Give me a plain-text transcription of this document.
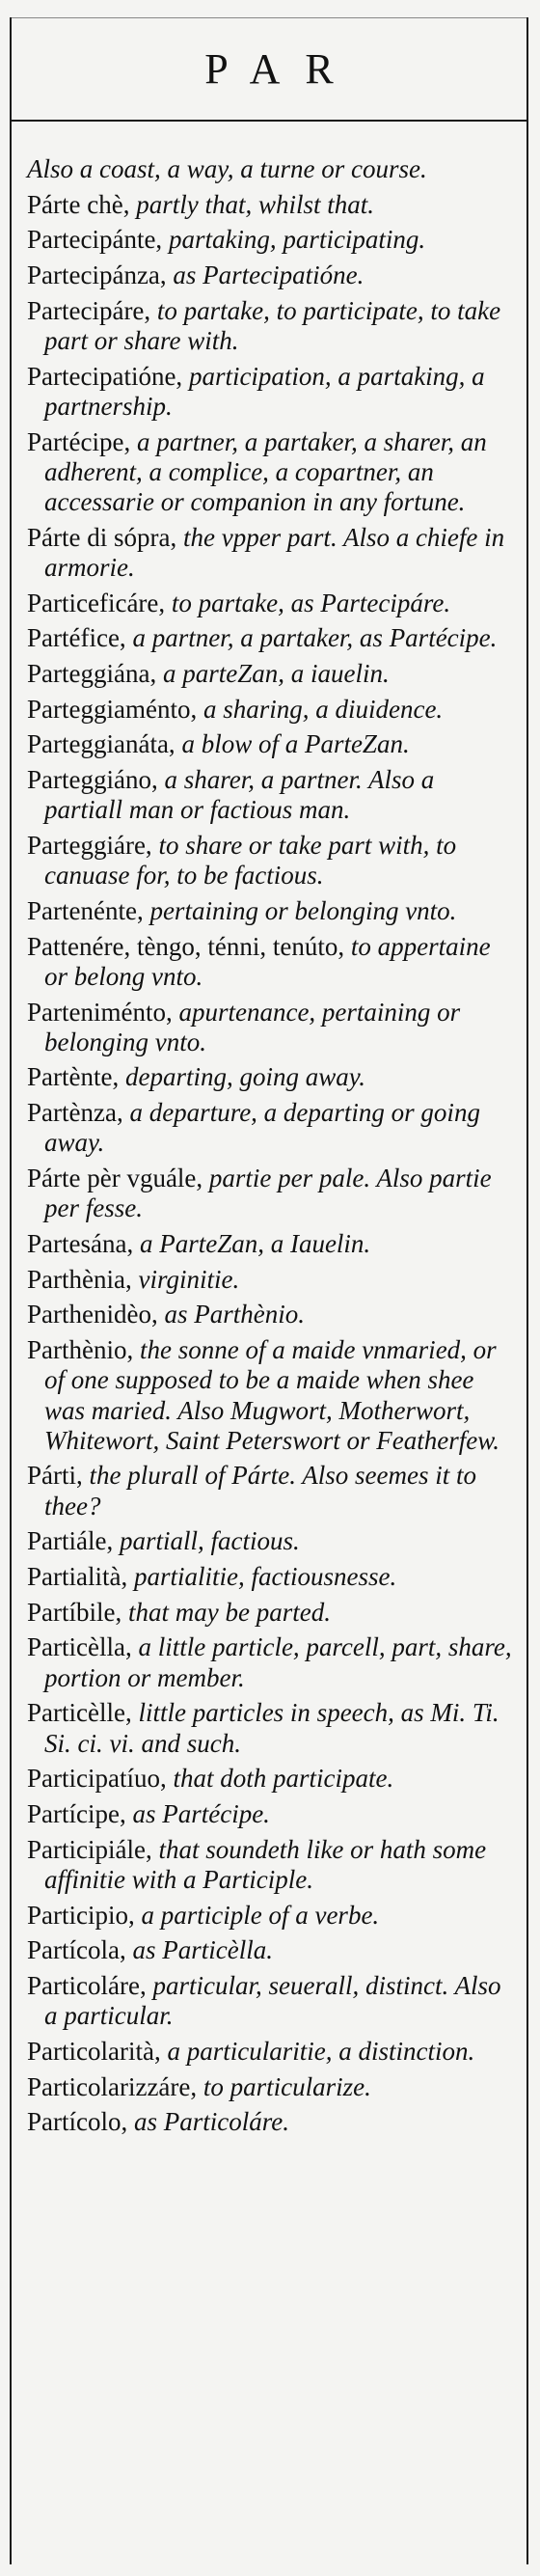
PAR

Also a coast, a way, a turne or course.

Párte chè, partly that, whilst that.

Partecipánte, partaking, participating.

Partecipánza, as Partecipatióne.

Partecipáre, to partake, to participate, to take part or share with.

Partecipatióne, participation, a partaking, a partnership.

Partécipe, a partner, a partaker, a sharer, an adherent, a complice, a copartner, an accessarie or companion in any fortune.

Párte di sópra, the vpper part. Also a chiefe in armorie.

Particeficáre, to partake, as Partecipáre.

Partéfice, a partner, a partaker, as Partécipe.

Parteggiána, a parteZan, a iauelin.

Parteggiaménto, a sharing, a diuidence.

Parteggianáta, a blow of a ParteZan.

Parteggiáno, a sharer, a partner. Also a partiall man or factious man.

Parteggiáre, to share or take part with, to canuase for, to be factious.

Partenénte, pertaining or belonging vnto.

Pattenére, tèngo, ténni, tenúto, to appertaine or belong vnto.

Parteniménto, apurtenance, pertaining or belonging vnto.

Partènte, departing, going away.

Partènza, a departure, a departing or going away.

Párte pèr vguále, partie per pale. Also partie per fesse.

Partesána, a ParteZan, a Iauelin.

Parthènia, virginitie.

Parthenidèo, as Parthènio.

Parthènio, the sonne of a maide vnmaried, or of one supposed to be a maide when shee was maried. Also Mugwort, Motherwort, Whitewort, Saint Peterswort or Featherfew.

Párti, the plurall of Párte. Also seemes it to thee?

Partiále, partiall, factious.

Partialità, partialitie, factiousnesse.

Partíbile, that may be parted.

Particèlla, a little particle, parcell, part, share, portion or member.

Particèlle, little particles in speech, as Mi. Ti. Si. ci. vi. and such.

Participatíuo, that doth participate.

Partícipe, as Partécipe.

Participiále, that soundeth like or hath some affinitie with a Participle.

Participio, a participle of a verbe.

Partícola, as Particèlla.

Particoláre, particular, seuerall, distinct. Also a particular.

Particolarità, a particularitie, a distinction.

Particolarizzáre, to particularize.

Partícolo, as Particoláre.
